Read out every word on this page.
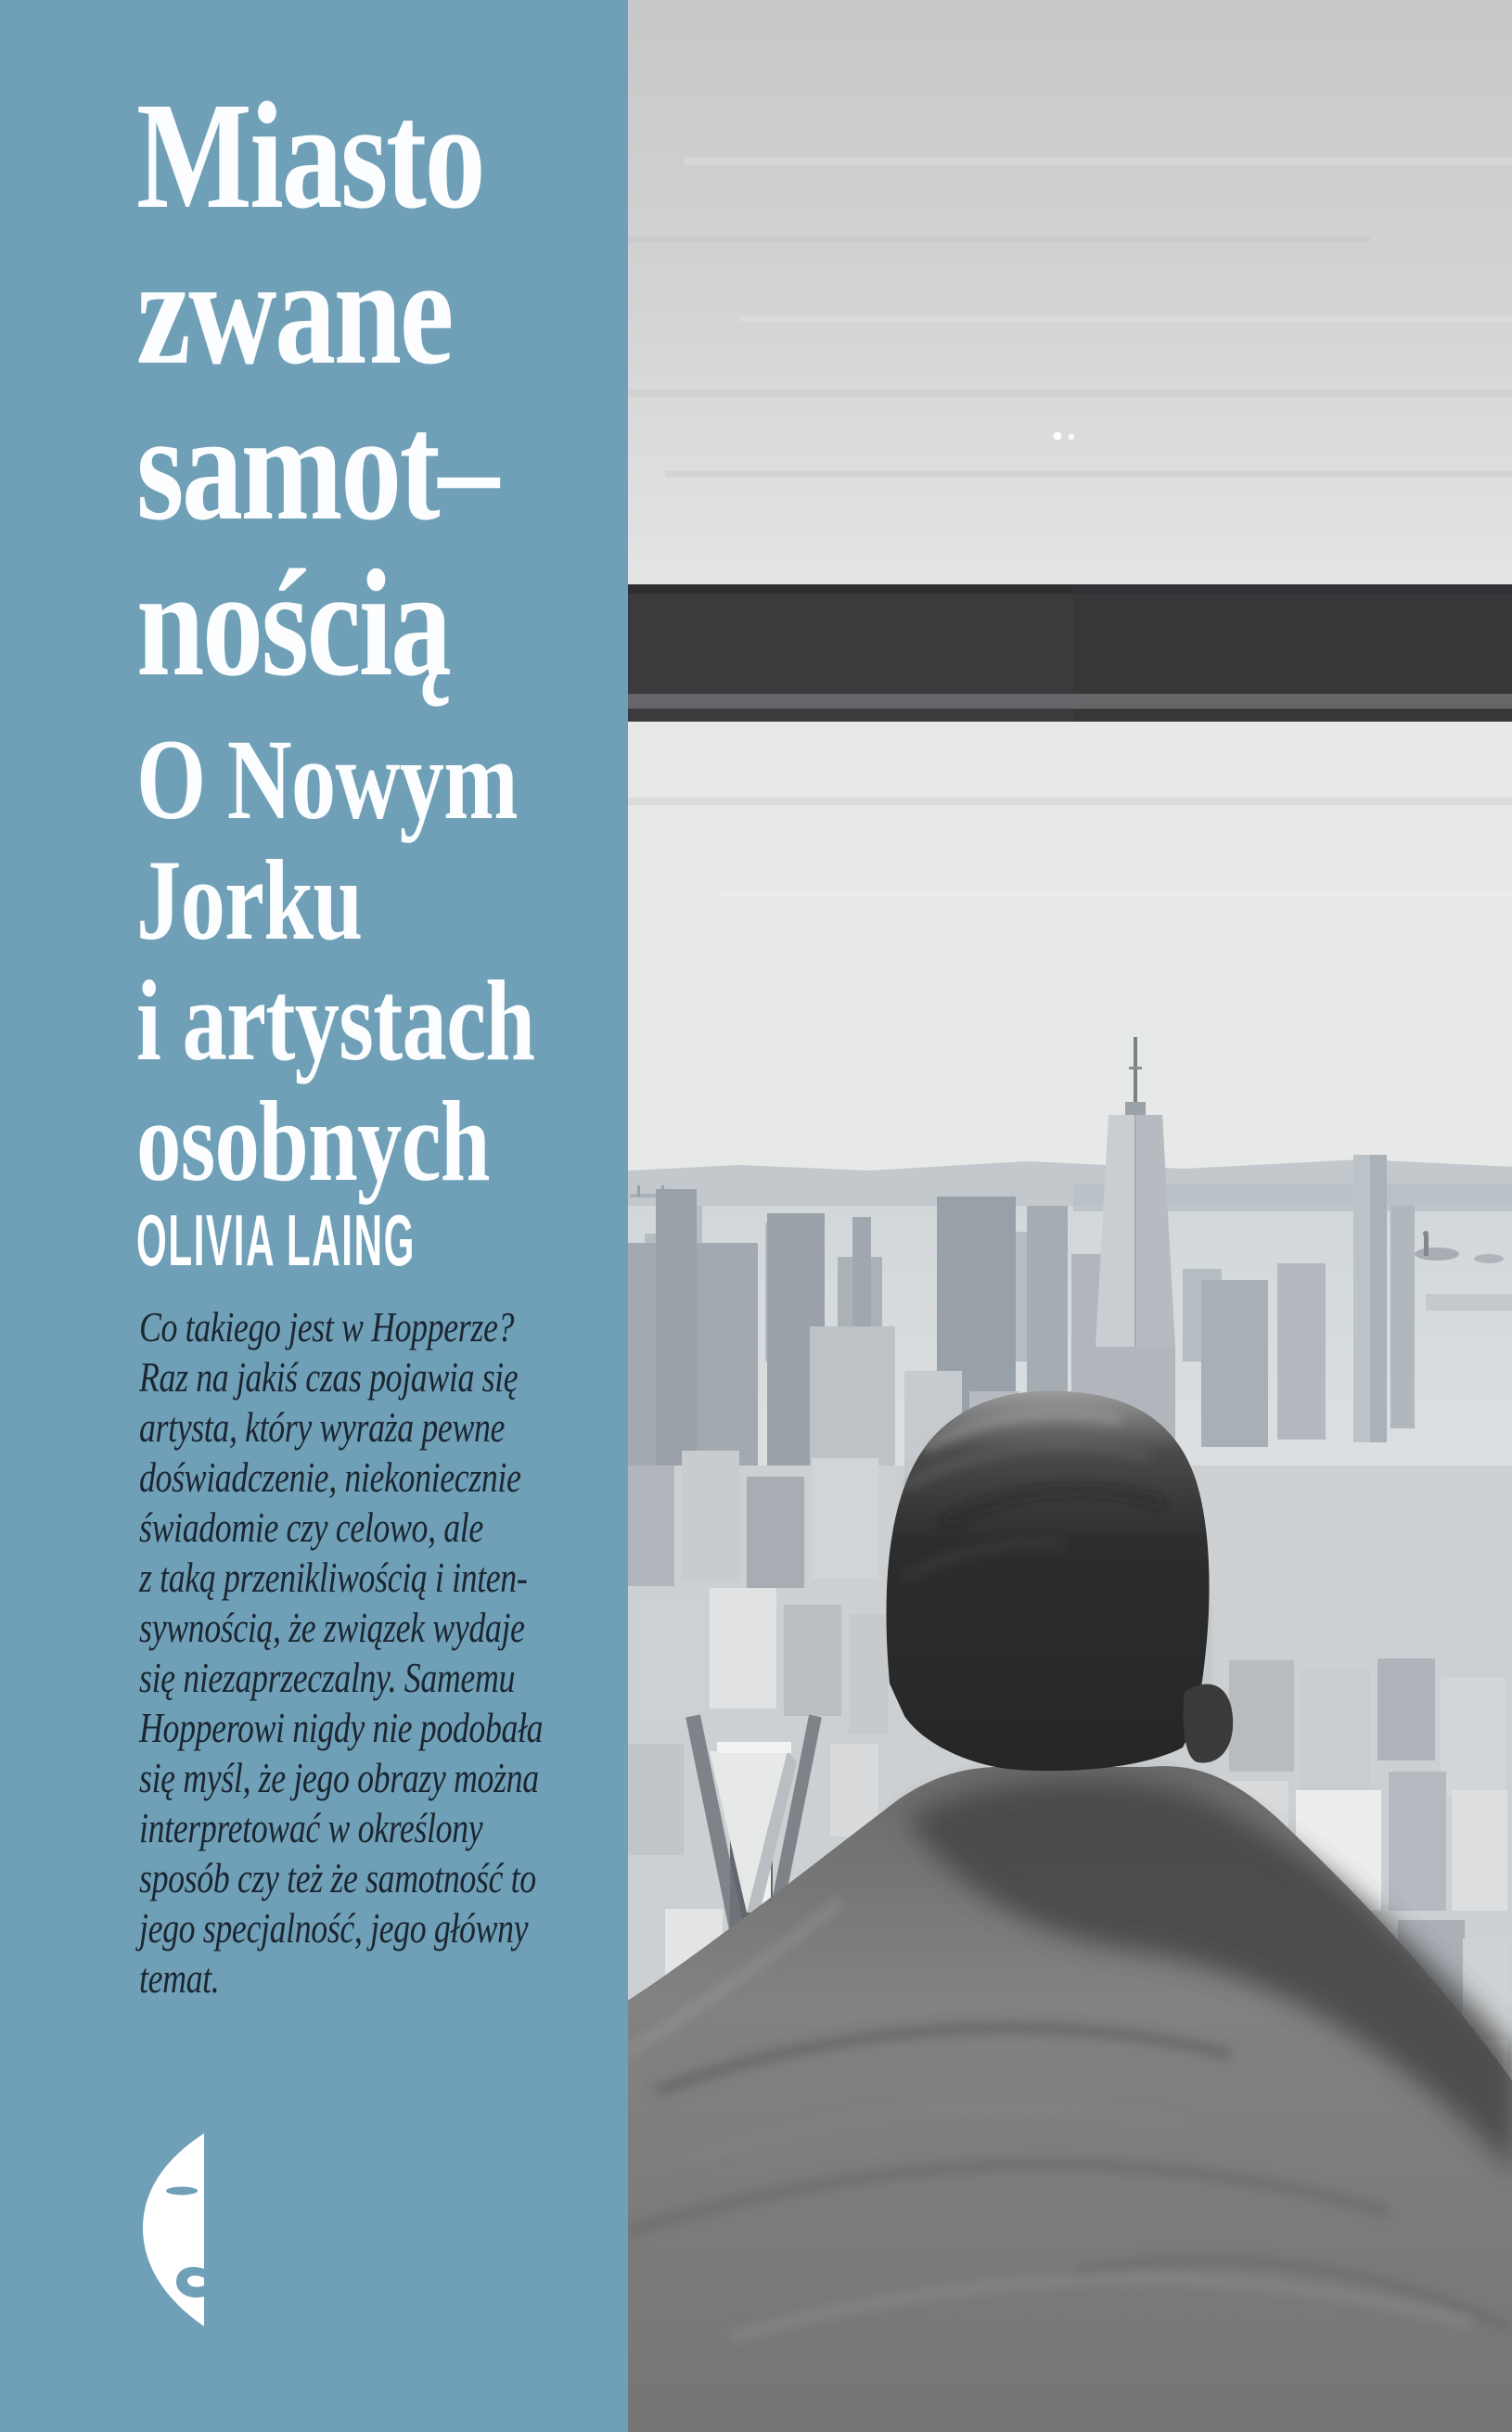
Miasto
zwane
samot–
nością
O Nowym
Jorku
i artystach
osobnych
OLIVIA LAING
Co takiego jest w Hopperze?
Raz na jakiś czas pojawia się
artysta, który wyraża pewne
doświadczenie, niekoniecznie
świadomie czy celowo, ale
z taką przenikliwością i inten-
sywnością, że związek wydaje
się niezaprzeczalny. Samemu
Hopperowi nigdy nie podobała
się myśl, że jego obrazy można
interpretować w określony
sposób czy też że samotność to
jego specjalność, jego główny
temat.
